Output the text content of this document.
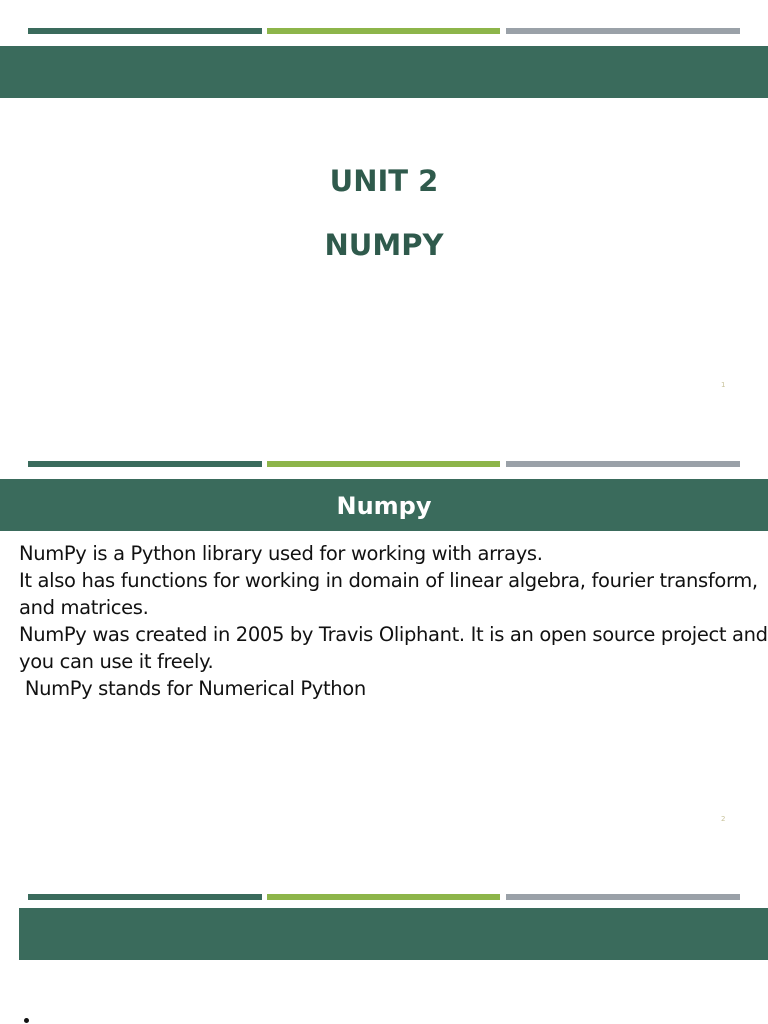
UNIT 2
NUMPY
1
Numpy
NumPy is a Python library used for working with arrays.
It also has functions for working in domain of linear algebra, fourier transform,
and matrices.
NumPy was created in 2005 by Travis Oliphant. It is an open source project and
you can use it freely.
NumPy stands for Numerical Python
2
